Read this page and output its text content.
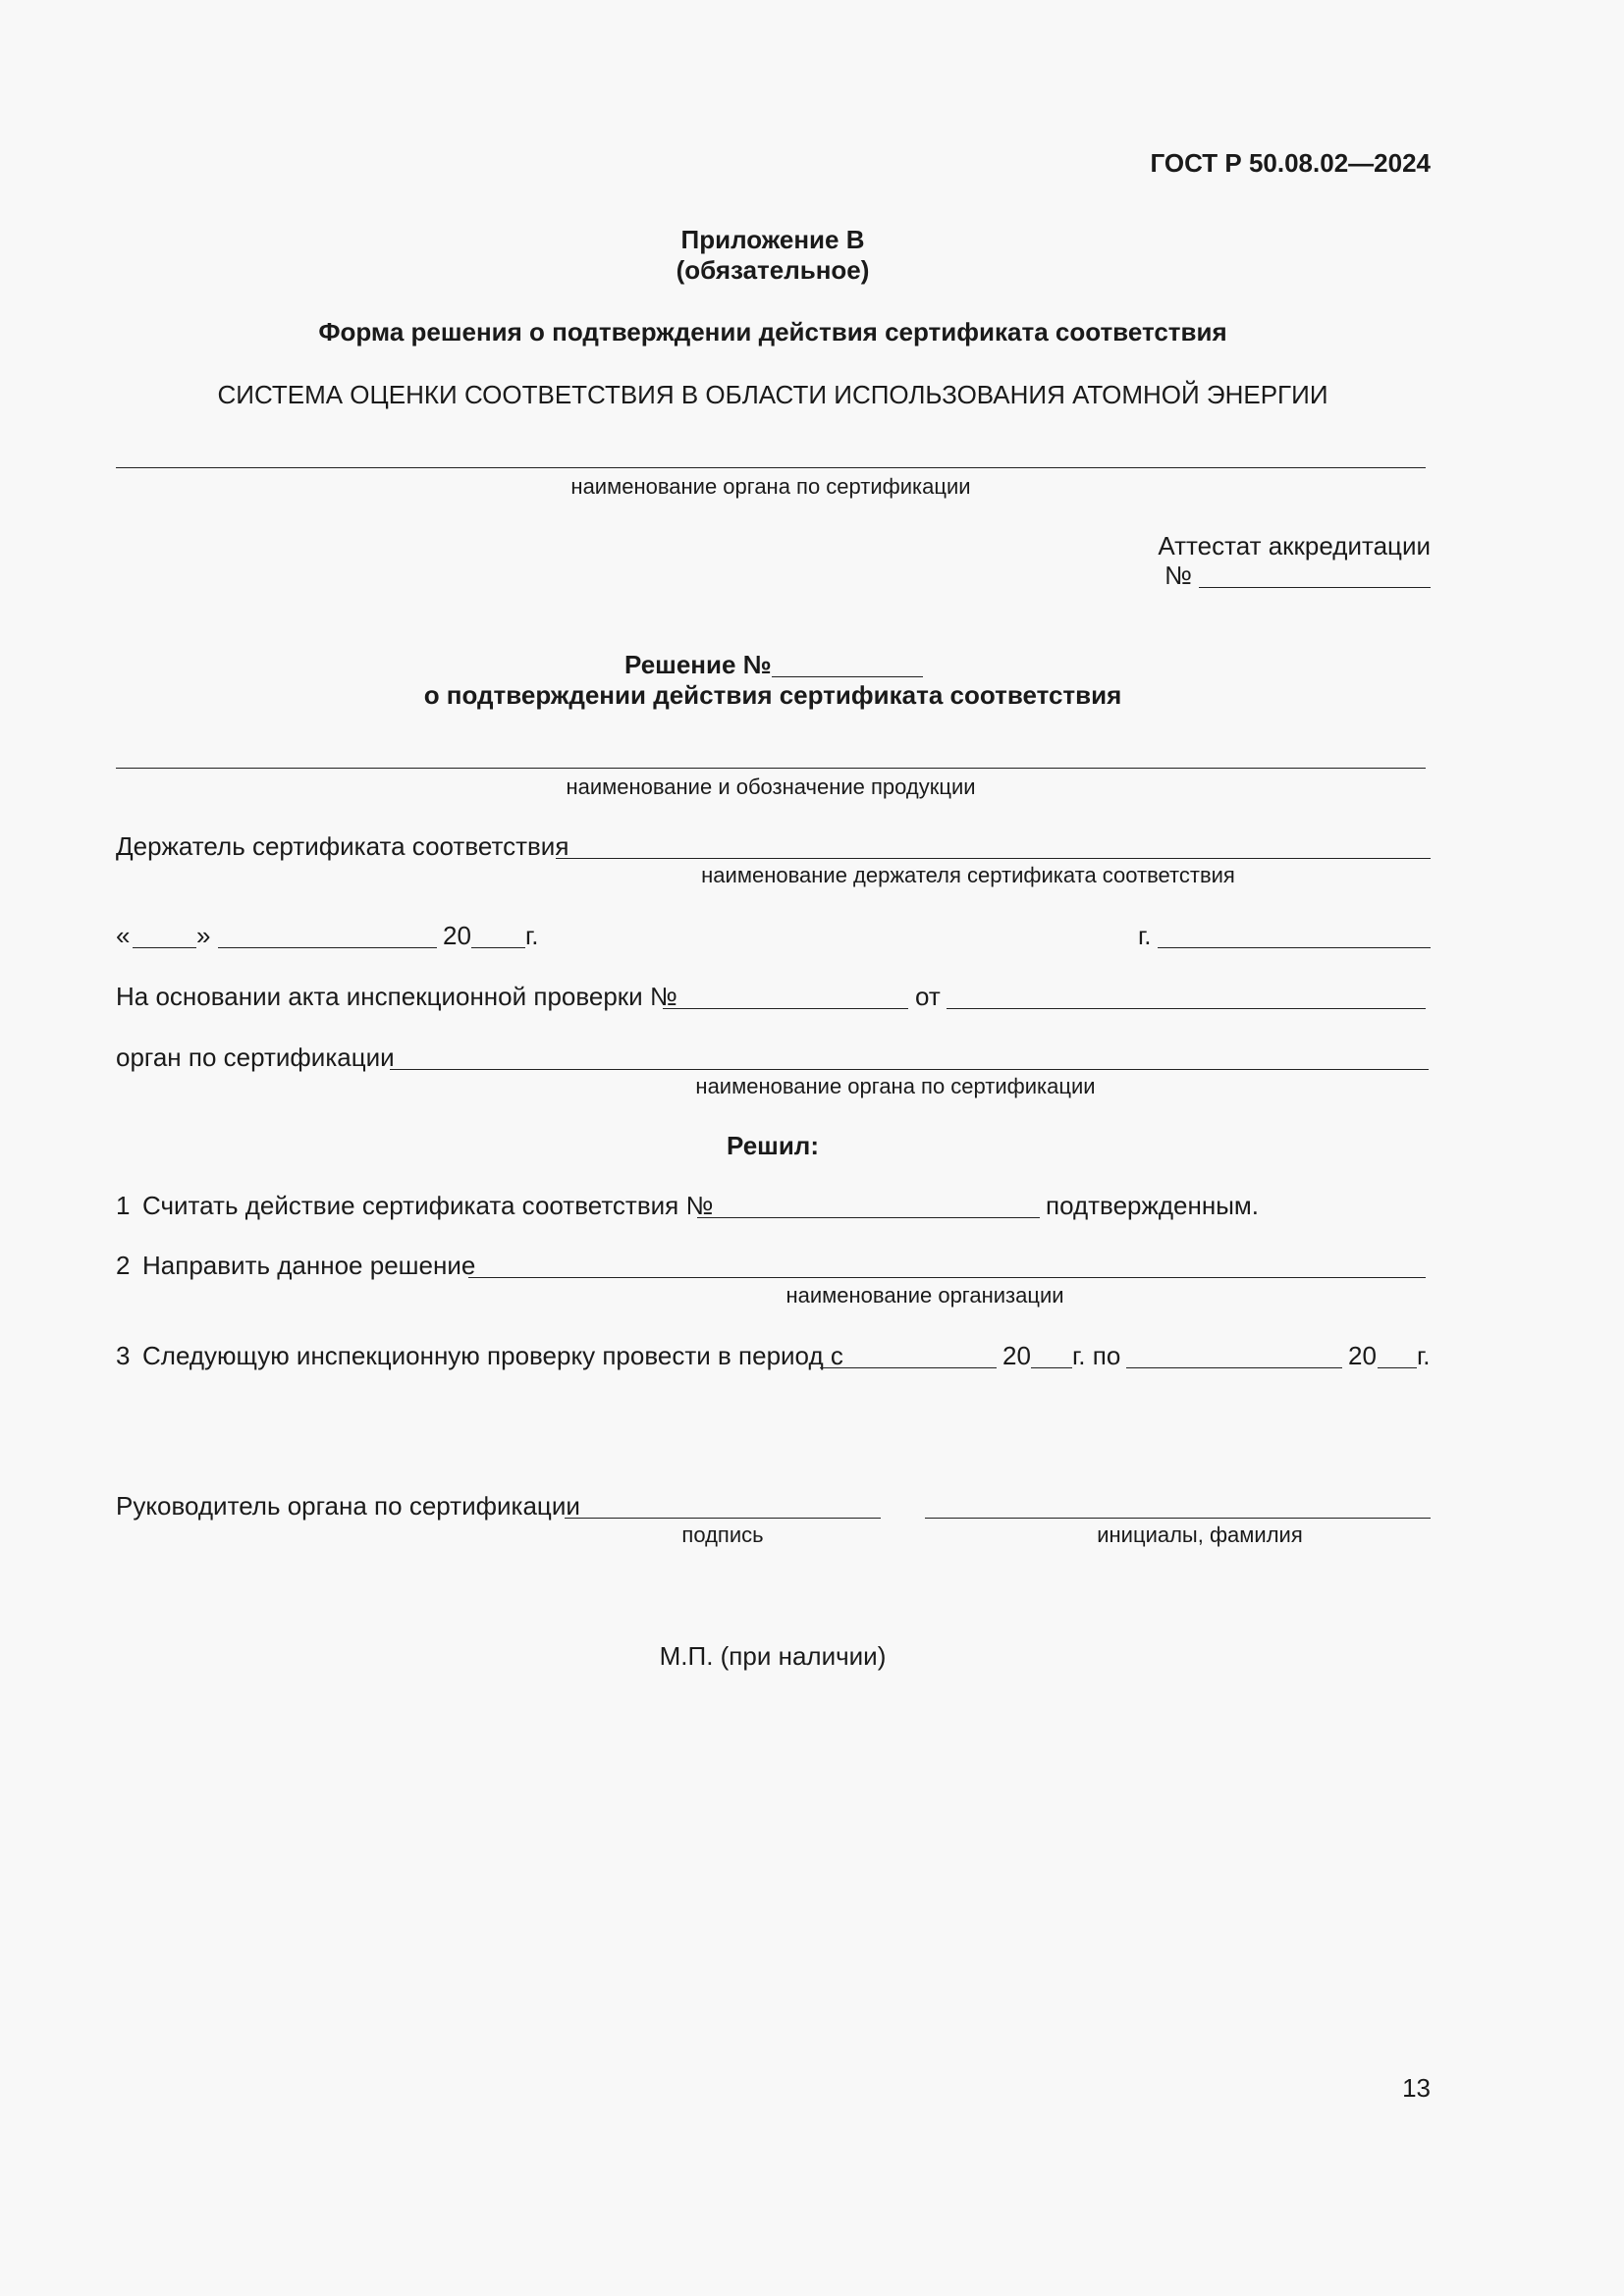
ГОСТ Р 50.08.02—2024
Приложение В
(обязательное)
Форма решения о подтверждении действия сертификата соответствия
СИСТЕМА ОЦЕНКИ СООТВЕТСТВИЯ В ОБЛАСТИ ИСПОЛЬЗОВАНИЯ АТОМНОЙ ЭНЕРГИИ
наименование органа по сертификации
Аттестат аккредитации
№
Решение №
о подтверждении действия сертификата соответствия
наименование и обозначение продукции
Держатель сертификата соответствия
наименование держателя сертификата соответствия
«	»	20 г.	г.
На основании акта инспекционной проверки №	от
орган по сертификации
наименование органа по сертификации
Решил:
1 Считать действие сертификата соответствия №	подтвержденным.
2 Направить данное решение
наименование организации
3 Следующую инспекционную проверку провести в период с	20 г. по	20 г.
Руководитель органа по сертификации
подпись	инициалы, фамилия
М.П. (при наличии)
13
